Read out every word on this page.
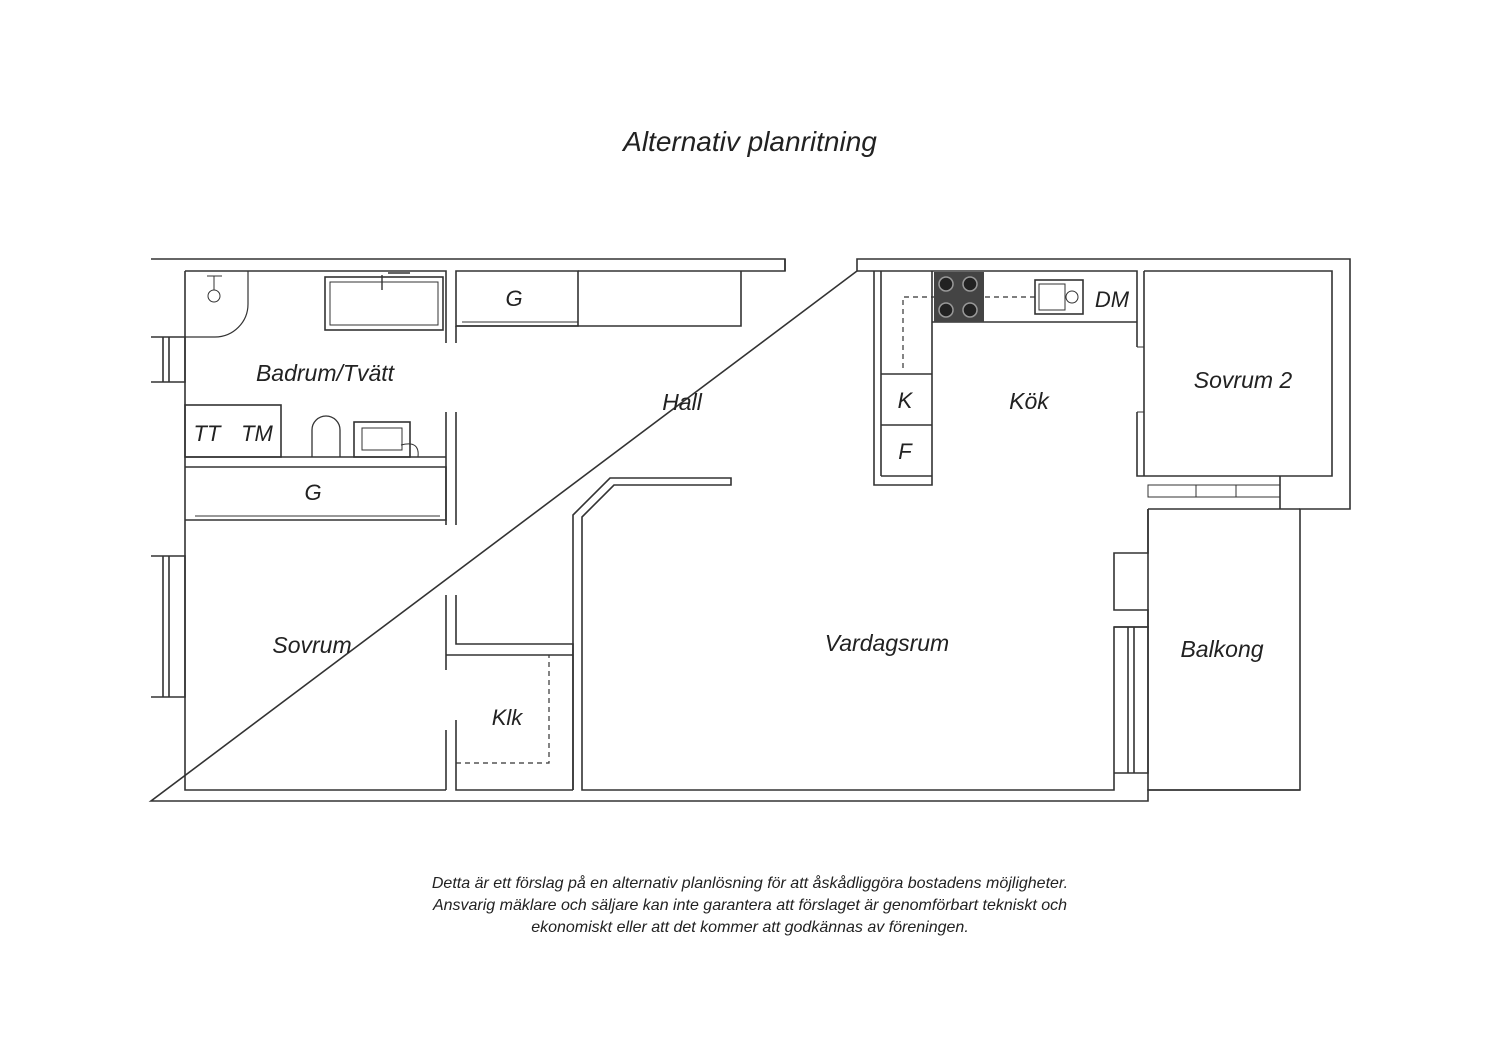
Alternativ planritning
Badrum/Tvätt
Hall	Kök
Sovrum 2
Sovrum	Vardagsrum	Balkong
Klk
G
G
TT TM
K
F
DM
Detta är ett förslag på en alternativ planlösning för att åskådliggöra bostadens möjligheter.
Ansvarig mäklare och säljare kan inte garantera att förslaget är genomförbart tekniskt och
ekonomiskt eller att det kommer att godkännas av föreningen.
